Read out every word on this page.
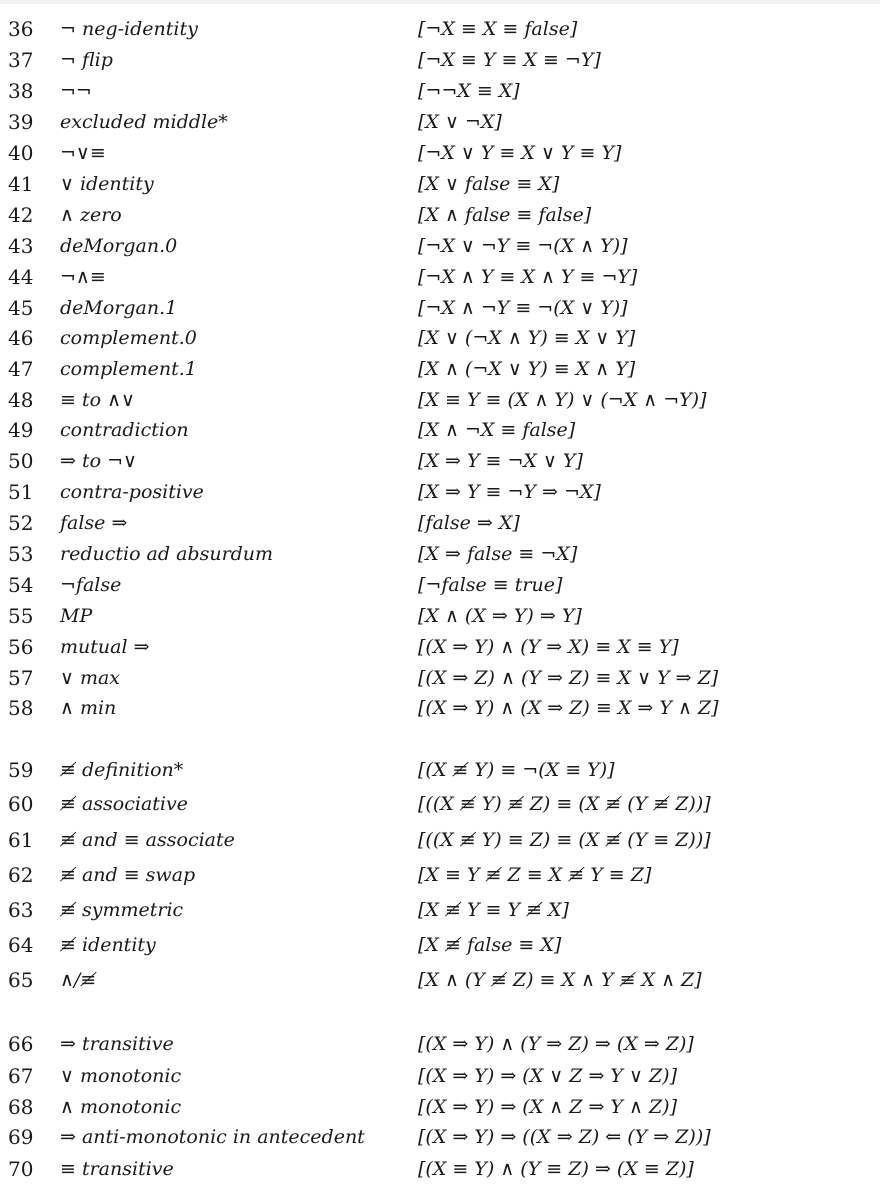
36 ¬ neg-identity	[¬X ≡ X ≡ false]
37 ¬ flip	[¬X ≡ Y ≡ X ≡ ¬Y]
38 ¬¬	[¬¬X ≡ X]
39 excluded middle*	[X ∨ ¬X]
40 ¬∨≡	[¬X ∨ Y ≡ X ∨ Y ≡ Y]
41 ∨ identity	[X ∨ false ≡ X]
42 ∧ zero	[X ∧ false ≡ false]
43 deMorgan.0	[¬X ∨ ¬Y ≡ ¬(X ∧ Y)]
44 ¬∧≡	[¬X ∧ Y ≡ X ∧ Y ≡ ¬Y]
45 deMorgan.1	[¬X ∧ ¬Y ≡ ¬(X ∨ Y)]
46 complement.0	[X ∨ (¬X ∧ Y) ≡ X ∨ Y]
47 complement.1	[X ∧ (¬X ∨ Y) ≡ X ∧ Y]
48 ≡ to ∧∨	[X ≡ Y ≡ (X ∧ Y) ∨ (¬X ∧ ¬Y)]
49 contradiction	[X ∧ ¬X ≡ false]
50 ⇒ to ¬∨	[X ⇒ Y ≡ ¬X ∨ Y]
51 contra-positive	[X ⇒ Y ≡ ¬Y ⇒ ¬X]
52 false ⇒	[false ⇒ X]
53 reductio ad absurdum	[X ⇒ false ≡ ¬X]
54 ¬false	[¬false ≡ true]
55 MP	[X ∧ (X ⇒ Y) ⇒ Y]
56 mutual ⇒	[(X ⇒ Y) ∧ (Y ⇒ X) ≡ X ≡ Y]
57 ∨ max	[(X ⇒ Z) ∧ (Y ⇒ Z) ≡ X ∨ Y ⇒ Z]
58 ∧ min	[(X ⇒ Y) ∧ (X ⇒ Z) ≡ X ⇒ Y ∧ Z]
59 ≢ definition*	[(X ≢ Y) ≡ ¬(X ≡ Y)]
60 ≢ associative	[((X ≢ Y) ≢ Z) ≡ (X ≢ (Y ≢ Z))]
61 ≢ and ≡ associate	[((X ≢ Y) ≡ Z) ≡ (X ≢ (Y ≡ Z))]
62 ≢ and ≡ swap	[X ≡ Y ≢ Z ≡ X ≢ Y ≡ Z]
63 ≢ symmetric	[X ≢ Y ≡ Y ≢ X]
64 ≢ identity	[X ≢ false ≡ X]
65 ∧/≢	[X ∧ (Y ≢ Z) ≡ X ∧ Y ≢ X ∧ Z]
66 ⇒ transitive	[(X ⇒ Y) ∧ (Y ⇒ Z) ⇒ (X ⇒ Z)]
67 ∨ monotonic	[(X ⇒ Y) ⇒ (X ∨ Z ⇒ Y ∨ Z)]
68 ∧ monotonic	[(X ⇒ Y) ⇒ (X ∧ Z ⇒ Y ∧ Z)]
69 ⇒ anti-monotonic in antecedent	[(X ⇒ Y) ⇒ ((X ⇒ Z) ⇐ (Y ⇒ Z))]
70 ≡ transitive	[(X ≡ Y) ∧ (Y ≡ Z) ⇒ (X ≡ Z)]
